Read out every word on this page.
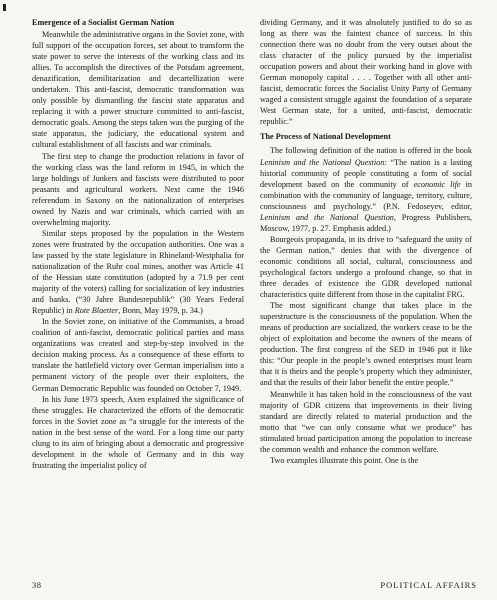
Emergence of a Socialist German Nation

Meanwhile the administrative organs in the Soviet zone, with full support of the occupation forces, set about to transform the state power to serve the interests of the working class and its allies. To accomplish the directives of the Potsdam agreement, denazification, demilitarization and decartellization were undertaken. This anti-fascist, democratic transformation was only possible by dismantling the fascist state apparatus and replacing it with a power structure committed to anti-fascist, democratic goals. Among the steps taken was the purging of the state apparatus, the judiciary, the educational system and cultural establishment of all fascists and war criminals.

The first step to change the production relations in favor of the working class was the land reform in 1945, in which the large holdings of Junkers and fascists were distributed to poor peasants and agricultural workers. Next came the 1946 referendum in Saxony on the nationalization of enterprises owned by Nazis and war criminals, which carried with an overwhelming majority.

Similar steps proposed by the population in the Western zones were frustrated by the occupation authorities. One was a law passed by the state legislature in Rhineland-Westphalia for nationalization of the Ruhr coal mines, another was Article 41 of the Hessian state constitution (adopted by a 71.9 per cent majority of the voters) calling for socialization of key industries and banks. (“30 Jahre Bundesrepublik” (30 Years Federal Republic) in Rote Blaetter, Bonn, May 1979, p. 34.)

In the Soviet zone, on initiative of the Communists, a broad coalition of anti-fascist, democratic political parties and mass organizations was created and step-by-step involved in the decision making process. As a consequence of these efforts to translate the battlefield victory over German imperialism into a permanent victory of the people over their exploiters, the German Democratic Republic was founded on October 7, 1949.

In his June 1973 speech, Axen explained the significance of these struggles. He characterized the efforts of the democratic forces in the Soviet zone as “a struggle for the interests of the nation in the best sense of the word. For a long time our party clung to its aim of bringing about a democratic and progressive development in the whole of Germany and in this way frustrating the imperialist policy of

dividing Germany, and it was absolutely justified to do so as long as there was the faintest chance of success. In this connection there was no doubt from the very outset about the class character of the policy pursued by the imperialist occupation powers and about their working hand in glove with German monopoly capital . . . . Together with all other anti-fascist, democratic forces the Socialist Unity Party of Germany waged a consistent struggle against the foundation of a separate West German state, for a united, anti-fascist, democratic republic.”

The Process of National Development

The following definition of the nation is offered in the book Leninism and the National Question: “The nation is a lasting historial community of people constituting a form of social development based on the community of economic life in combination with the community of language, territory, culture, consciousness and psychology.” (P.N. Fedoseyev, editor, Leninism and the National Question, Progress Publishers, Moscow, 1977, p. 27. Emphasis added.)

Bourgeois propaganda, in its drive to “safeguard the unity of the German nation,” denies that with the divergence of economic conditions all social, cultural, consciousness and psychological factors undergo a profound change, so that in three decades of existence the GDR developed national characteristics quite different from those in the capitalist FRG.

The most significant change that takes place in the superstructure is the consciousness of the population. When the means of production are socialized, the workers cease to be the object of exploitation and become the owners of the means of production. The first congress of the SED in 1946 put it like this: “Our people in the people’s owned enterprises must learn that it is theirs and the people’s property which they administer, and that the results of their labor benefit the entire people.”

Meanwhile it has taken hold in the consciousness of the vast majority of GDR citizens that improvements in their living standard are directly related to material production and the motto that “we can only consume what we produce” has stimulated broad participation among the population to increase the common wealth and enhance the common welfare.

Two examples illustrate this point. One is the

38	POLITICAL AFFAIRS
